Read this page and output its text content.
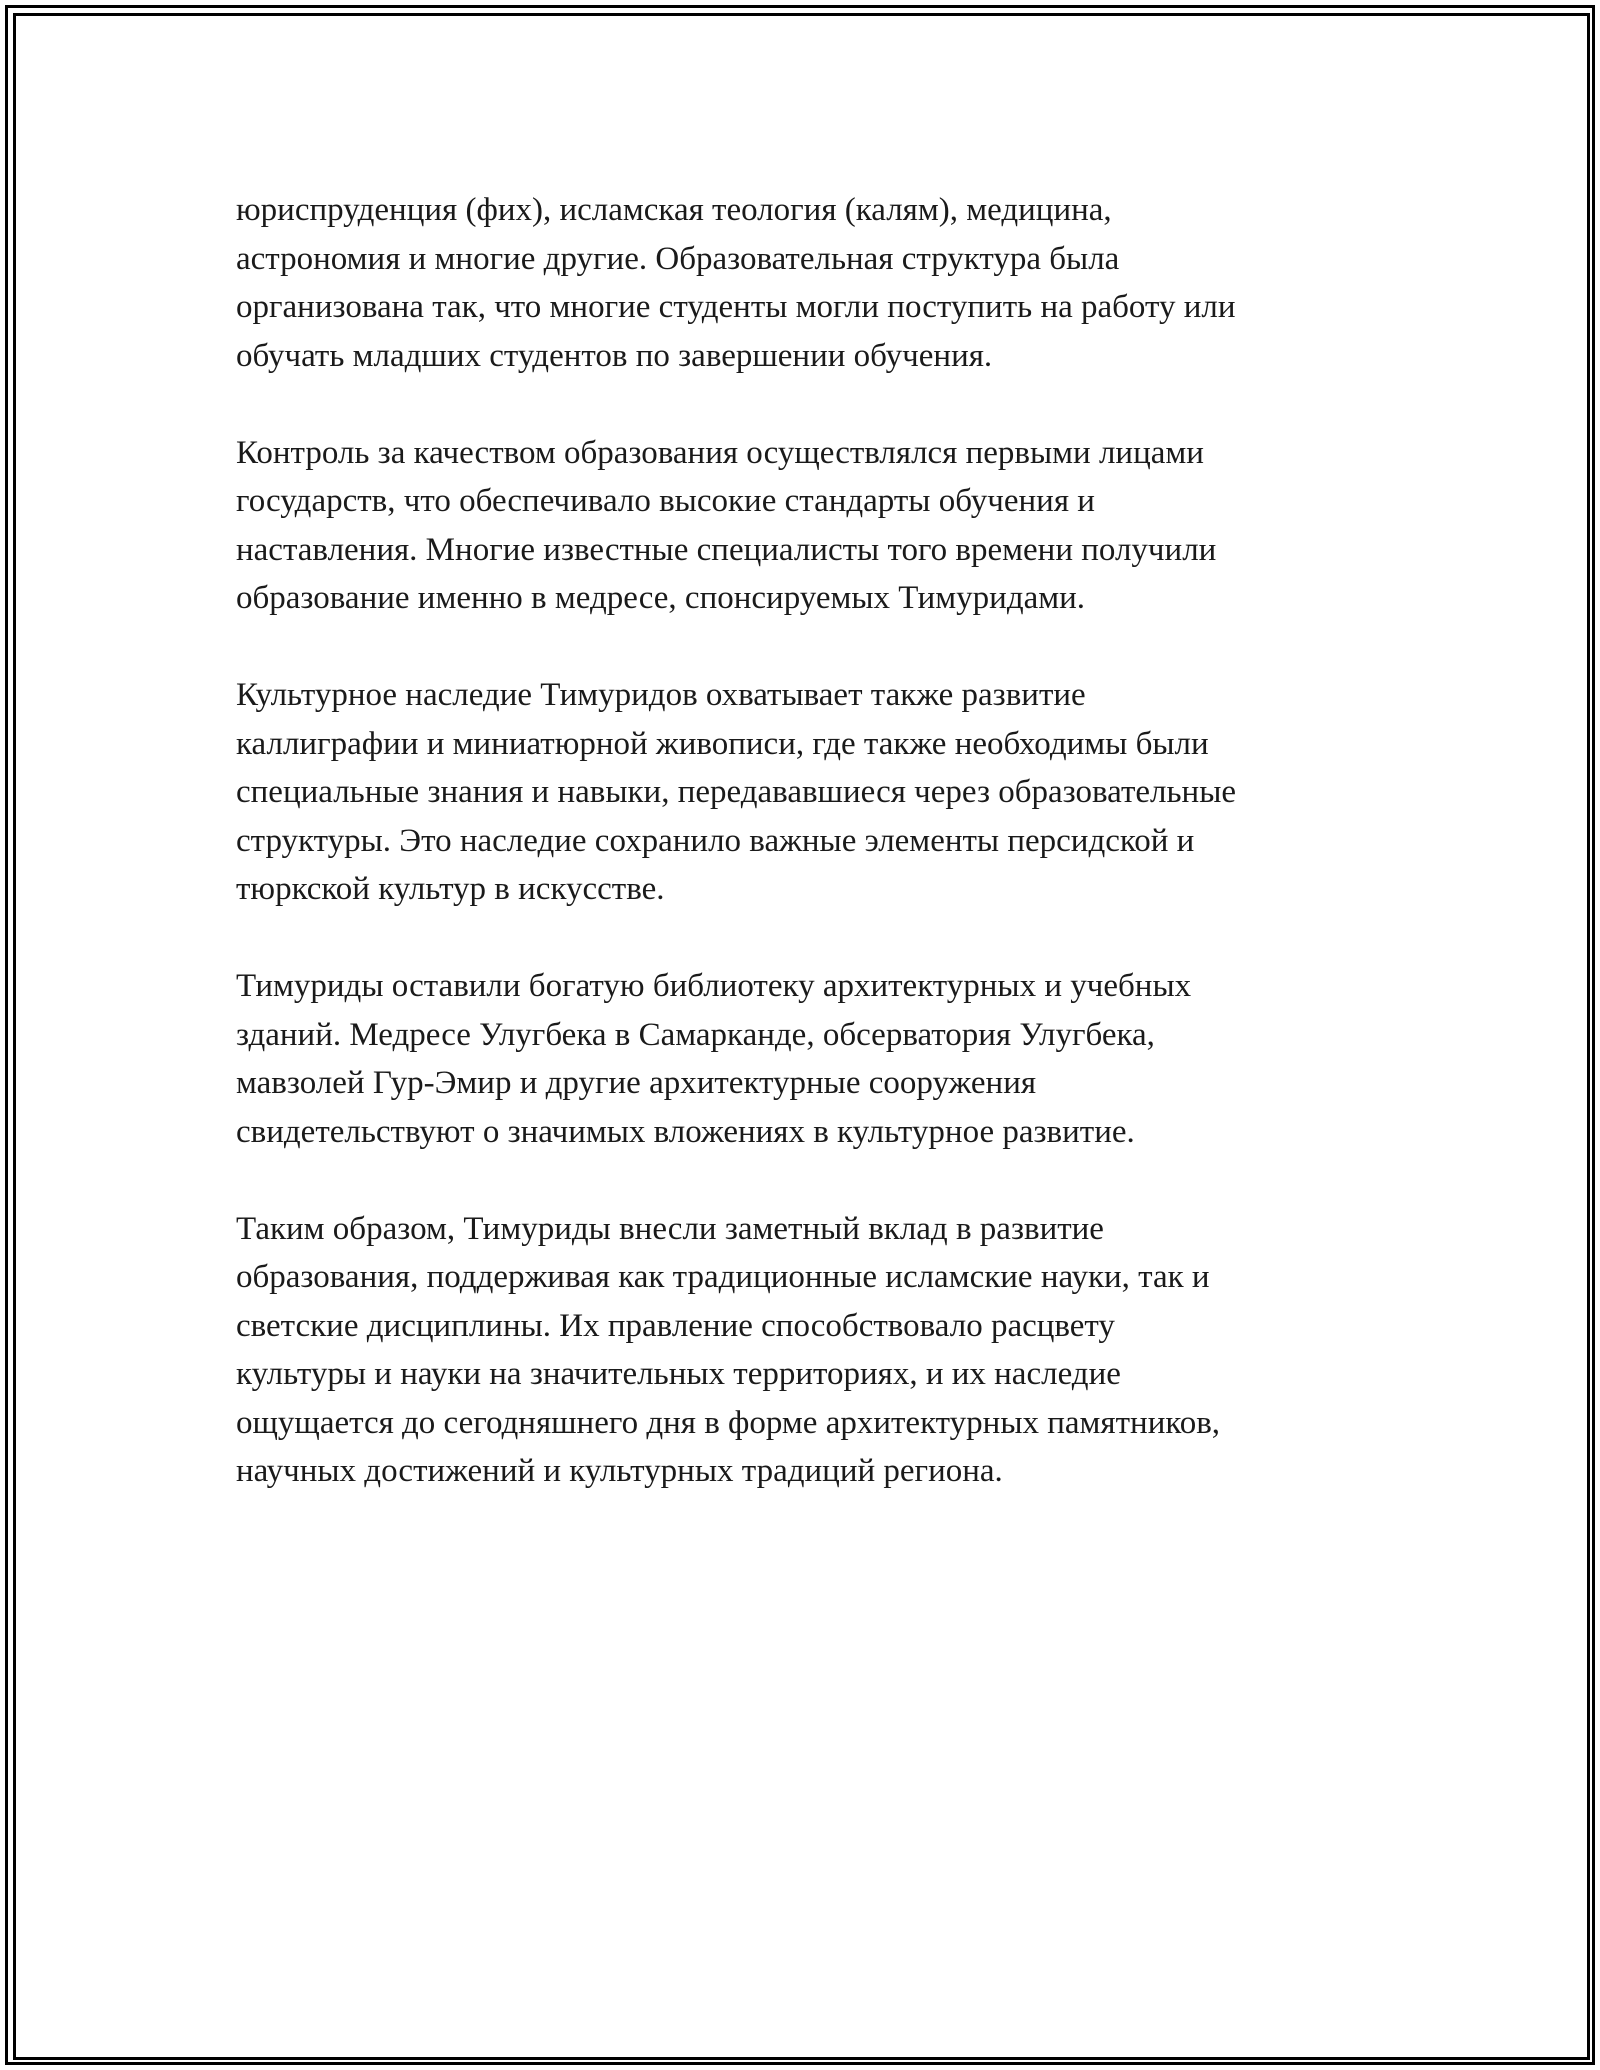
юриспруденция (фих), исламская теология (калям), медицина,
астрономия и многие другие. Образовательная структура была
организована так, что многие студенты могли поступить на работу или
обучать младших студентов по завершении обучения.

Контроль за качеством образования осуществлялся первыми лицами
государств, что обеспечивало высокие стандарты обучения и
наставления. Многие известные специалисты того времени получили
образование именно в медресе, спонсируемых Тимуридами.

Культурное наследие Тимуридов охватывает также развитие
каллиграфии и миниатюрной живописи, где также необходимы были
специальные знания и навыки, передававшиеся через образовательные
структуры. Это наследие сохранило важные элементы персидской и
тюркской культур в искусстве.

Тимуриды оставили богатую библиотеку архитектурных и учебных
зданий. Медресе Улугбека в Самарканде, обсерватория Улугбека,
мавзолей Гур-Эмир и другие архитектурные сооружения
свидетельствуют о значимых вложениях в культурное развитие.

Таким образом, Тимуриды внесли заметный вклад в развитие
образования, поддерживая как традиционные исламские науки, так и
светские дисциплины. Их правление способствовало расцвету
культуры и науки на значительных территориях, и их наследие
ощущается до сегодняшнего дня в форме архитектурных памятников,
научных достижений и культурных традиций региона.
